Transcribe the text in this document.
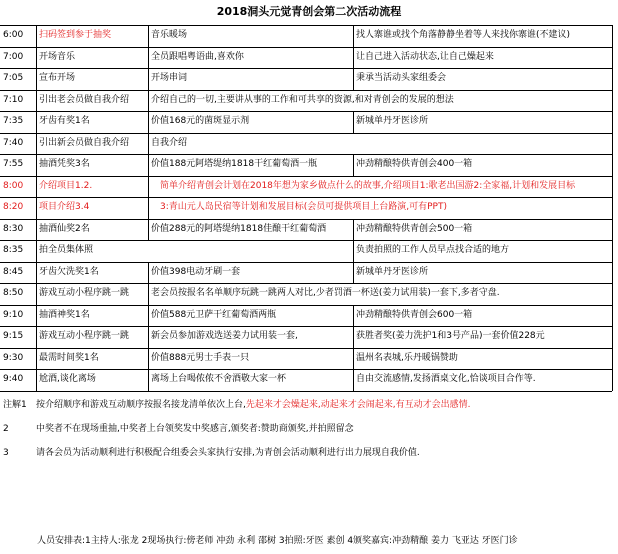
2018洞头元觉青创会第二次活动流程
6:00	扫码签到参于抽奖	音乐暖场	找人寨谁或找个角落静静坐着等人来找你寨谁(不建议)
7:00	开场音乐	全员跟唱粤语曲,喜欢你	让自己进入活动状态,让自己燥起来
7:05	宣布开场	开场串词	秉承当活动头家组委会
7:10	引出老会员做自我介绍	介绍自己的一切,主要讲从事的工作和可共享的资源,和对青创会的发展的想法
7:35	牙齿有奖1名	价值168元的菌斑显示剂	新城单丹牙医诊所
7:40	引出新会员做自我介绍	自我介绍
7:55	抽酒凭奖3名	价值188元阿塔缇纳1818干红葡萄酒一瓶	冲劲精酿特供青创会400一箱
8:00	介绍项目1.2.	简单介绍青创会计划在2018年想为家乡做点什么的故事,介绍项目1:歌老出国游2:全家福,计划和发展目标
8:20	项目介绍3.4	3:青山元人岛民宿等计划和发展目标(会员可提供项目上台路演,可有PPT)
8:30	抽酒仙奖2名	价值288元的阿塔缇纳1818佳酿干红葡萄酒	冲劲精酿特供青创会500一箱
8:35	拍全员集体照	负责拍照的工作人员早点找合适的地方
8:45	牙齿欠洗奖1名	价值398电动牙刷一套	新城单丹牙医诊所
8:50	游戏互动小程序跳一跳	老会员按报名名单顺序玩跳一跳两人对比,少者罚酒一杯送(姜力试用装)一套下,多者守盘.
9:10	抽酒神奖1名	价值588元卫萨干红葡萄酒两瓶	冲劲精酿特供青创会600一箱
9:15	游戏互动小程序跳一跳	新会员参加游戏选送姜力试用装一套,	获胜者奖(姜力洗护1和3号产品)一套价值228元
9:30	最需时间奖1名	价值888元男士手表一只	温州名表城,乐丹暖锅赞助
9:40	尬酒,谈化离场	离场上台喝侬侬不舍酒敬大家一杯	自由交流感情,发扬酒桌文化,恰谈项目合作等.
注解1 按介绍顺序和游戏互动顺序按报名接龙清单依次上台,先起来才会燥起来,动起来才会闹起来,有互动才会出感情.
2	中奖者不在现场重抽,中奖者上台领奖发中奖感言,颁奖者:赞助商颁奖,并拍照留念
3	请各会员为活动顺利进行积极配合组委会头家执行安排,为青创会活动顺利进行出力展现自我价值.
人员安排表:1主持人:张龙 2现场执行:傍老师 冲劲 永利 邵树 3拍照:牙医 素创 4颁奖嘉宾:冲劲精酿 姜力 飞亚达 牙医门诊
